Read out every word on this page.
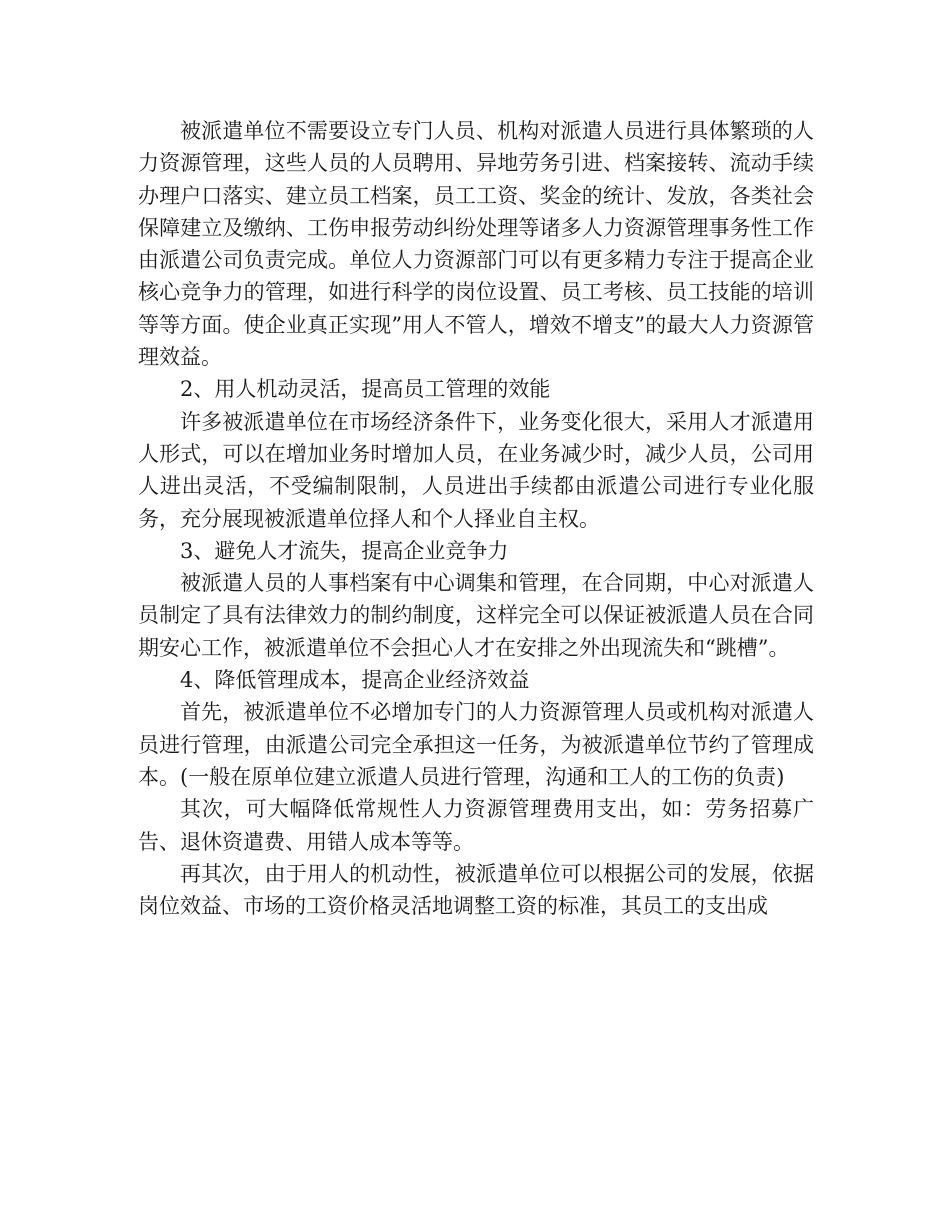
被派遣单位不需要设立专门人员、机构对派遣人员进行具体繁琐的人力资源管理，这些人员的人员聘用、异地劳务引进、档案接转、流动手续办理户口落实、建立员工档案，员工工资、奖金的统计、发放，各类社会保障建立及缴纳、工伤申报劳动纠纷处理等诸多人力资源管理事务性工作由派遣公司负责完成。单位人力资源部门可以有更多精力专注于提高企业核心竞争力的管理，如进行科学的岗位设置、员工考核、员工技能的培训等等方面。使企业真正实现”用人不管人，增效不增支”的最大人力资源管理效益。

2、用人机动灵活，提高员工管理的效能

许多被派遣单位在市场经济条件下，业务变化很大，采用人才派遣用人形式，可以在增加业务时增加人员，在业务减少时，减少人员，公司用人进出灵活，不受编制限制，人员进出手续都由派遣公司进行专业化服务，充分展现被派遣单位择人和个人择业自主权。

3、避免人才流失，提高企业竞争力

被派遣人员的人事档案有中心调集和管理，在合同期，中心对派遣人员制定了具有法律效力的制约制度，这样完全可以保证被派遣人员在合同期安心工作，被派遣单位不会担心人才在安排之外出现流失和“跳槽”。

4、降低管理成本，提高企业经济效益

首先，被派遣单位不必增加专门的人力资源管理人员或机构对派遣人员进行管理，由派遣公司完全承担这一任务，为被派遣单位节约了管理成本。(一般在原单位建立派遣人员进行管理，沟通和工人的工伤的负责)

其次，可大幅降低常规性人力资源管理费用支出，如：劳务招募广告、退休资遣费、用错人成本等等。

再其次，由于用人的机动性，被派遣单位可以根据公司的发展，依据岗位效益、市场的工资价格灵活地调整工资的标准，其员工的支出成
